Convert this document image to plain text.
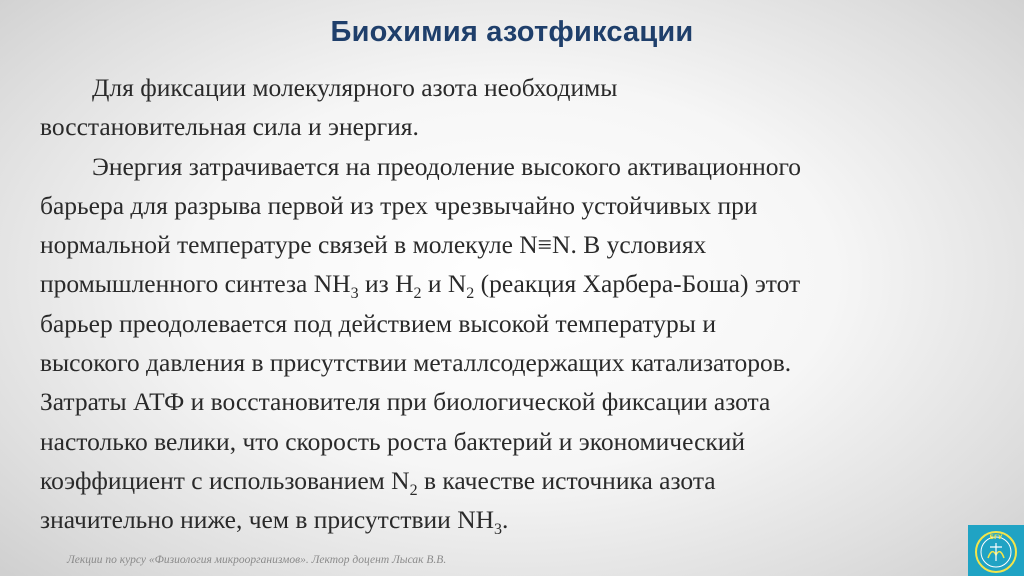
Биохимия азотфиксации

Для фиксации молекулярного азота необходимы
восстановительная сила и энергия.

Энергия затрачивается на преодоление высокого активационного
барьера для разрыва первой из трех чрезвычайно устойчивых при
нормальной температуре связей в молекуле N≡N. В условиях
промышленного синтеза $NH_3$ из $H_2$ и $N_2$ (реакция Харбера-Боша) этот
барьер преодолевается под действием высокой температуры и
высокого давления в присутствии металлсодержащих катализаторов.
Затраты АТФ и восстановителя при биологической фиксации азота
настолько велики, что скорость роста бактерий и экономический
коэффициент с использованием $N_2$ в качестве источника азота
значительно ниже, чем в присутствии $NH_3$.

Лекции по курсу «Физиология микроорганизмов». Лектор доцент Лысак В.В.
БГУ
